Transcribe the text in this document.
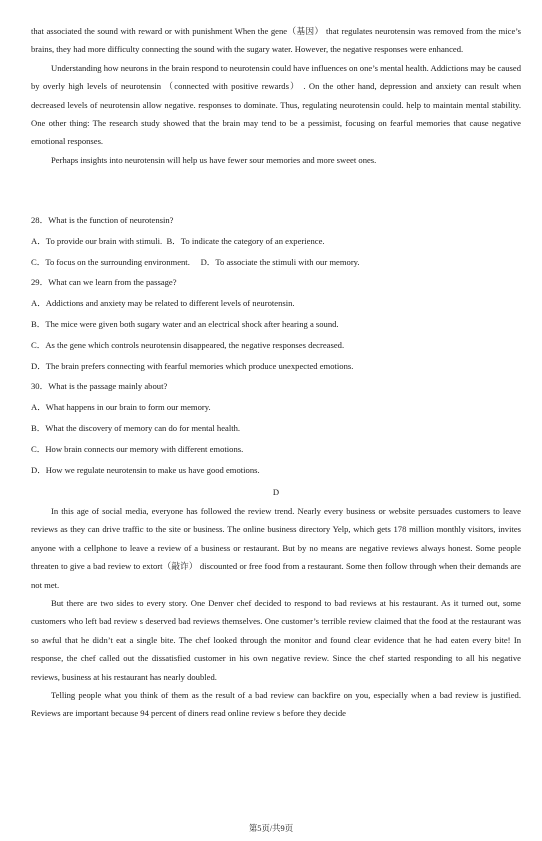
that associated the sound with reward or with punishment When the gene（基因） that regulates neurotensin was removed from the mice’s brains, they had more difficulty connecting the sound with the sugary water. However, the negative responses were enhanced.

Understanding how neurons in the brain respond to neurotensin could have influences on one’s mental health. Addictions may be caused by overly high levels of neurotensin （connected with positive rewards） . On the other hand, depression and anxiety can result when decreased levels of neurotensin allow negative. responses to dominate. Thus, regulating neurotensin could. help to maintain mental stability. One other thing: The research study showed that the brain may tend to be a pessimist, focusing on fearful memories that cause negative emotional responses.

Perhaps insights into neurotensin will help us have fewer sour memories and more sweet ones.

28．What is the function of neurotensin?

A．To provide our brain with stimuli.  B．To indicate the category of an experience.

C．To focus on the surrounding environment.     D．To associate the stimuli with our memory.

29．What can we learn from the passage?

A．Addictions and anxiety may be related to different levels of neurotensin.

B．The mice were given both sugary water and an electrical shock after hearing a sound.

C．As the gene which controls neurotensin disappeared, the negative responses decreased.

D．The brain prefers connecting with fearful memories which produce unexpected emotions.

30．What is the passage mainly about?

A．What happens in our brain to form our memory.

B．What the discovery of memory can do for mental health.

C．How brain connects our memory with different emotions.

D．How we regulate neurotensin to make us have good emotions.

D

In this age of social media, everyone has followed the review trend. Nearly every business or website persuades customers to leave reviews as they can drive traffic to the site or business. The online business directory Yelp, which gets 178 million monthly visitors, invites anyone with a cellphone to leave a review of a business or restaurant. But by no means are negative reviews always honest. Some people threaten to give a bad review to extort（敲诈） discounted or free food from a restaurant. Some then follow through when their demands are not met.

But there are two sides to every story. One Denver chef decided to respond to bad reviews at his restaurant. As it turned out, some customers who left bad review s deserved bad reviews themselves. One customer’s terrible review claimed that the food at the restaurant was so awful that he didn’t eat a single bite. The chef looked through the monitor and found clear evidence that he had eaten every bite! In response, the chef called out the dissatisfied customer in his own negative review. Since the chef started responding to all his negative reviews, business at his restaurant has nearly doubled.

Telling people what you think of them as the result of a bad review can backfire on you, especially when a bad review is justified. Reviews are important because 94 percent of diners read online review s before they decide

第5页/共9页
